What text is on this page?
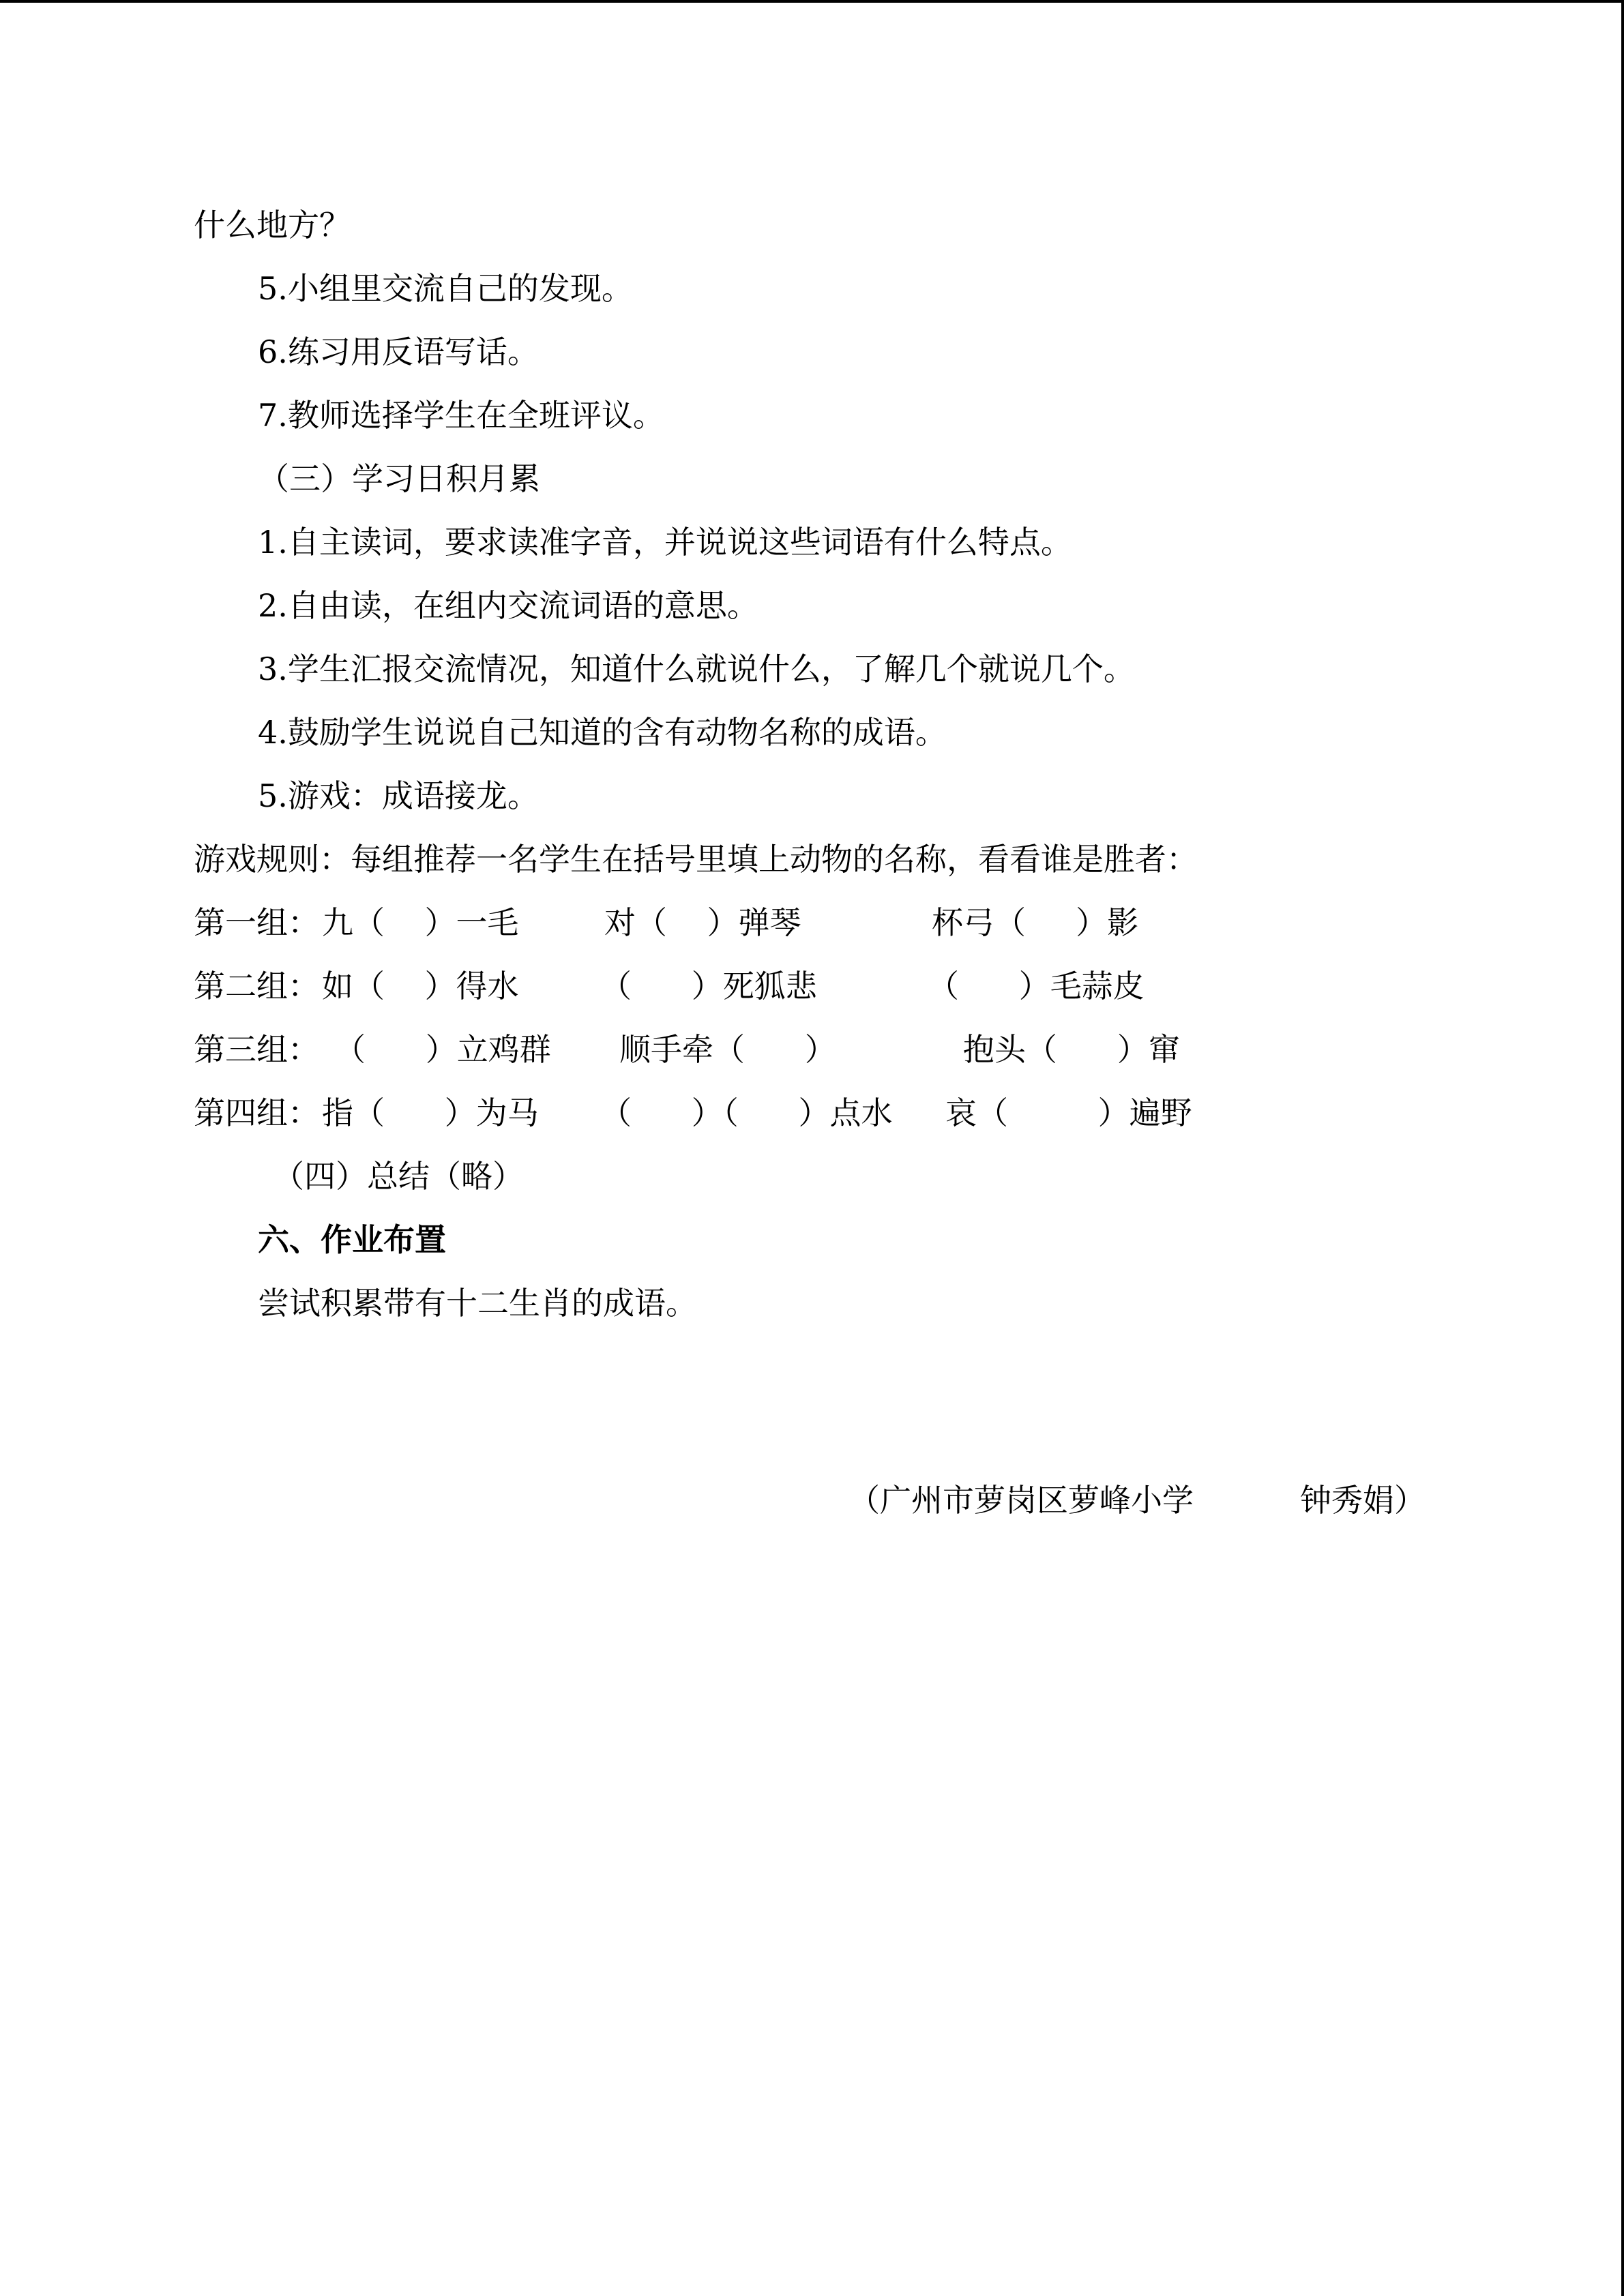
什么地方？

5.小组里交流自己的发现。

6.练习用反语写话。

7.教师选择学生在全班评议。

（三）学习日积月累

1.自主读词，要求读准字音，并说说这些词语有什么特点。

2.自由读，在组内交流词语的意思。

3.学生汇报交流情况，知道什么就说什么，了解几个就说几个。

4.鼓励学生说说自己知道的含有动物名称的成语。

5.游戏：成语接龙。

游戏规则：每组推荐一名学生在括号里填上动物的名称，看看谁是胜者：

第一组： 九（    ）一毛	对（    ）弹琴	杯弓（     ）影
第二组： 如（    ）得水	（      ）死狐悲	（      ）毛蒜皮
第三组： （      ）立鸡群 顺手牵（      ）	抱头（      ）窜
第四组： 指（      ）为马 （      ）（      ）点水 哀（         ）遍野

（四）总结（略）

六、作业布置

尝试积累带有十二生肖的成语。

（广州市萝岗区萝峰小学	钟秀娟）
